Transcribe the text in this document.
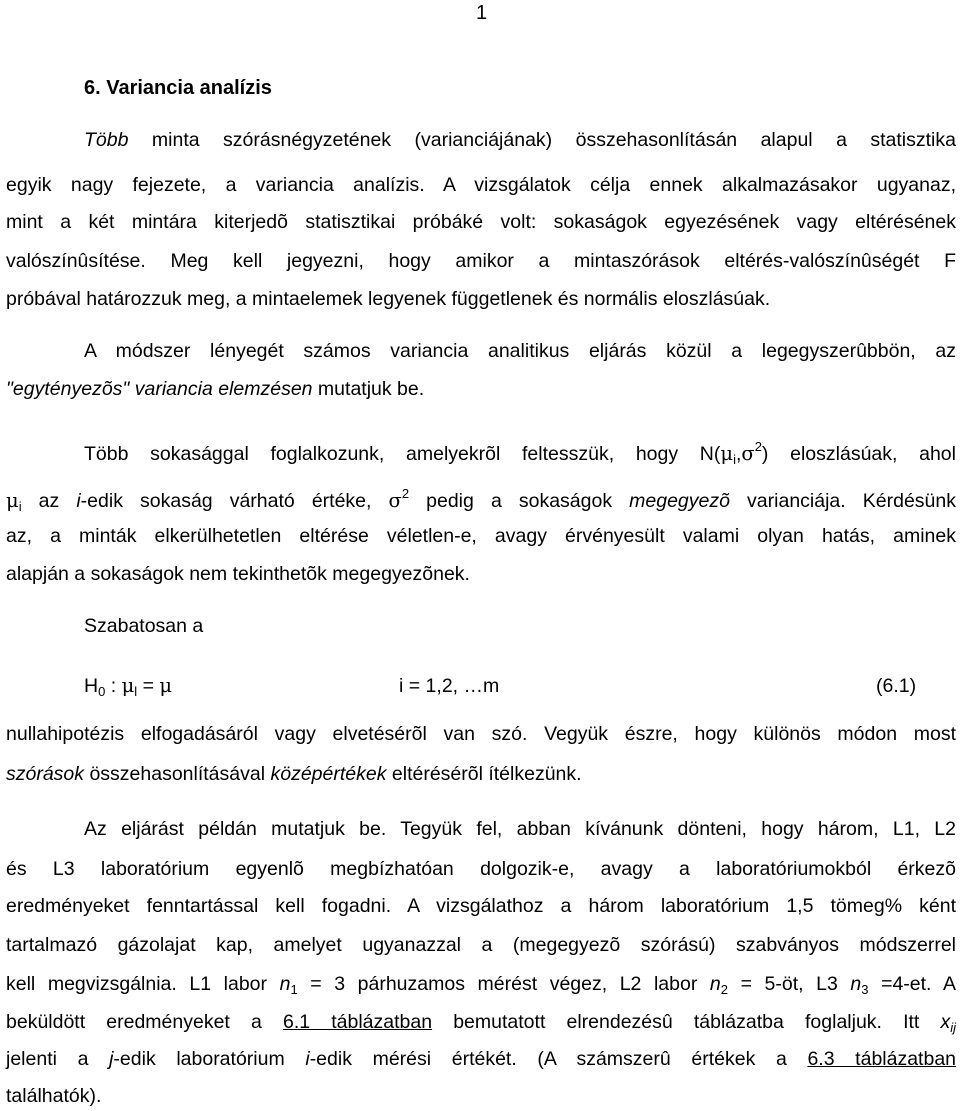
1
6. Variancia analízis
Több minta szórásnégyzetének (varianciájának) összehasonlításán alapul a statisztika
egyik nagy fejezete, a variancia analízis. A vizsgálatok célja ennek alkalmazásakor ugyanaz,
mint a két mintára kiterjedõ statisztikai próbáké volt: sokaságok egyezésének vagy eltérésének
valószínûsítése. Meg kell jegyezni, hogy amikor a mintaszórások eltérés-valószínûségét F
próbával határozzuk meg, a mintaelemek legyenek függetlenek és normális eloszlásúak.
A módszer lényegét számos variancia analitikus eljárás közül a legegyszerûbbön, az
"egytényezõs" variancia elemzésen mutatjuk be.
Több sokasággal foglalkozunk, amelyekrõl feltesszük, hogy $N(\mu_i,\sigma^2)$ eloszlásúak, ahol
$\mu_i$ az i-edik sokaság várható értéke, $\sigma^2$ pedig a sokaságok megegyezõ varianciája. Kérdésünk
az, a minták elkerülhetetlen eltérése véletlen-e, avagy érvényesült valami olyan hatás, aminek
alapján a sokaságok nem tekinthetõk megegyezõnek.
Szabatosan a
$H_0$ : $\mu_l = \mu$	i = 1,2, …m	(6.1)
nullahipotézis elfogadásáról vagy elvetésérõl van szó. Vegyük észre, hogy különös módon most
szórások összehasonlításával középértékek eltérésérõl ítélkezünk.
Az eljárást példán mutatjuk be. Tegyük fel, abban kívánunk dönteni, hogy három, L1, L2
és L3 laboratórium egyenlõ megbízhatóan dolgozik-e, avagy a laboratóriumokból érkezõ
eredményeket fenntartással kell fogadni. A vizsgálathoz a három laboratórium 1,5 tömeg% ként
tartalmazó gázolajat kap, amelyet ugyanazzal a (megegyezõ szórású) szabványos módszerrel
kell megvizsgálnia. L1 labor $n_1 = 3$ párhuzamos mérést végez, L2 labor $n_2$ = 5-öt, L3 $n_3 =4-et$. A
beküldött eredményeket a 6.1 táblázatban bemutatott elrendezésû táblázatba foglaljuk. Itt $x_{ij}$
jelenti a j-edik laboratórium i-edik mérési értékét. (A számszerû értékek a 6.3 táblázatban
találhatók).
